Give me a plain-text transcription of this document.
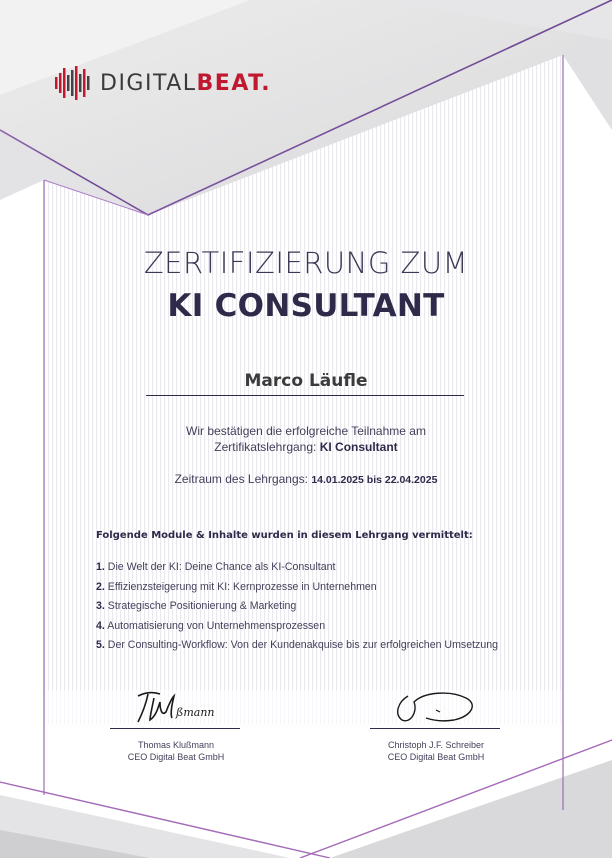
DIGITALBEAT.
ZERTIFIZIERUNG ZUM
KI CONSULTANT
Marco Läufle
Wir bestätigen die erfolgreiche Teilnahme am
Zertifikatslehrgang: KI Consultant
Zeitraum des Lehrgangs: 14.01.2025 bis 22.04.2025
Folgende Module & Inhalte wurden in diesem Lehrgang vermittelt:
1. Die Welt der KI: Deine Chance als KI-Consultant
2. Effizienzsteigerung mit KI: Kernprozesse in Unternehmen
3. Strategische Positionierung & Marketing
4. Automatisierung von Unternehmensprozessen
5. Der Consulting-Workflow: Von der Kundenakquise bis zur erfolgreichen Umsetzung
ßmann
Thomas Klußmann
CEO Digital Beat GmbH
Christoph J.F. Schreiber
CEO Digital Beat GmbH
